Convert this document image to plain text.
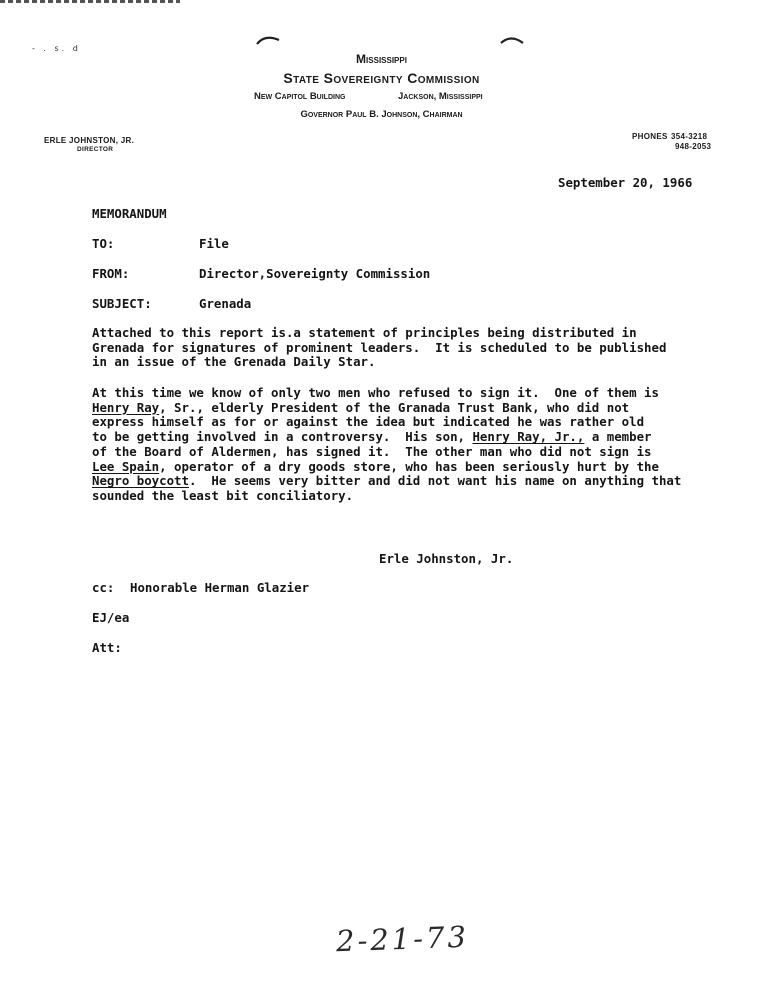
- . s. d
Mississippi
State Sovereignty Commission
New Capitol Building	Jackson, Mississippi
Governor Paul B. Johnson, Chairman
ERLE JOHNSTON, JR.
DIRECTOR
PHONES 354-3218
948-2053
September 20, 1966
MEMORANDUM
TO:	File
FROM:	Director,Sovereignty Commission
SUBJECT:	Grenada
Attached to this report is.a statement of principles being distributed in
Grenada for signatures of prominent leaders.  It is scheduled to be published
in an issue of the Grenada Daily Star.
At this time we know of only two men who refused to sign it.  One of them is
Henry Ray, Sr., elderly President of the Granada Trust Bank, who did not
express himself as for or against the idea but indicated he was rather old
to be getting involved in a controversy.  His son, Henry Ray, Jr., a member
of the Board of Aldermen, has signed it.  The other man who did not sign is
Lee Spain, operator of a dry goods store, who has been seriously hurt by the
Negro boycott.  He seems very bitter and did not want his name on anything that
sounded the least bit conciliatory.
Erle Johnston, Jr.
cc: Honorable Herman Glazier
EJ/ea
Att:
2-21-73
